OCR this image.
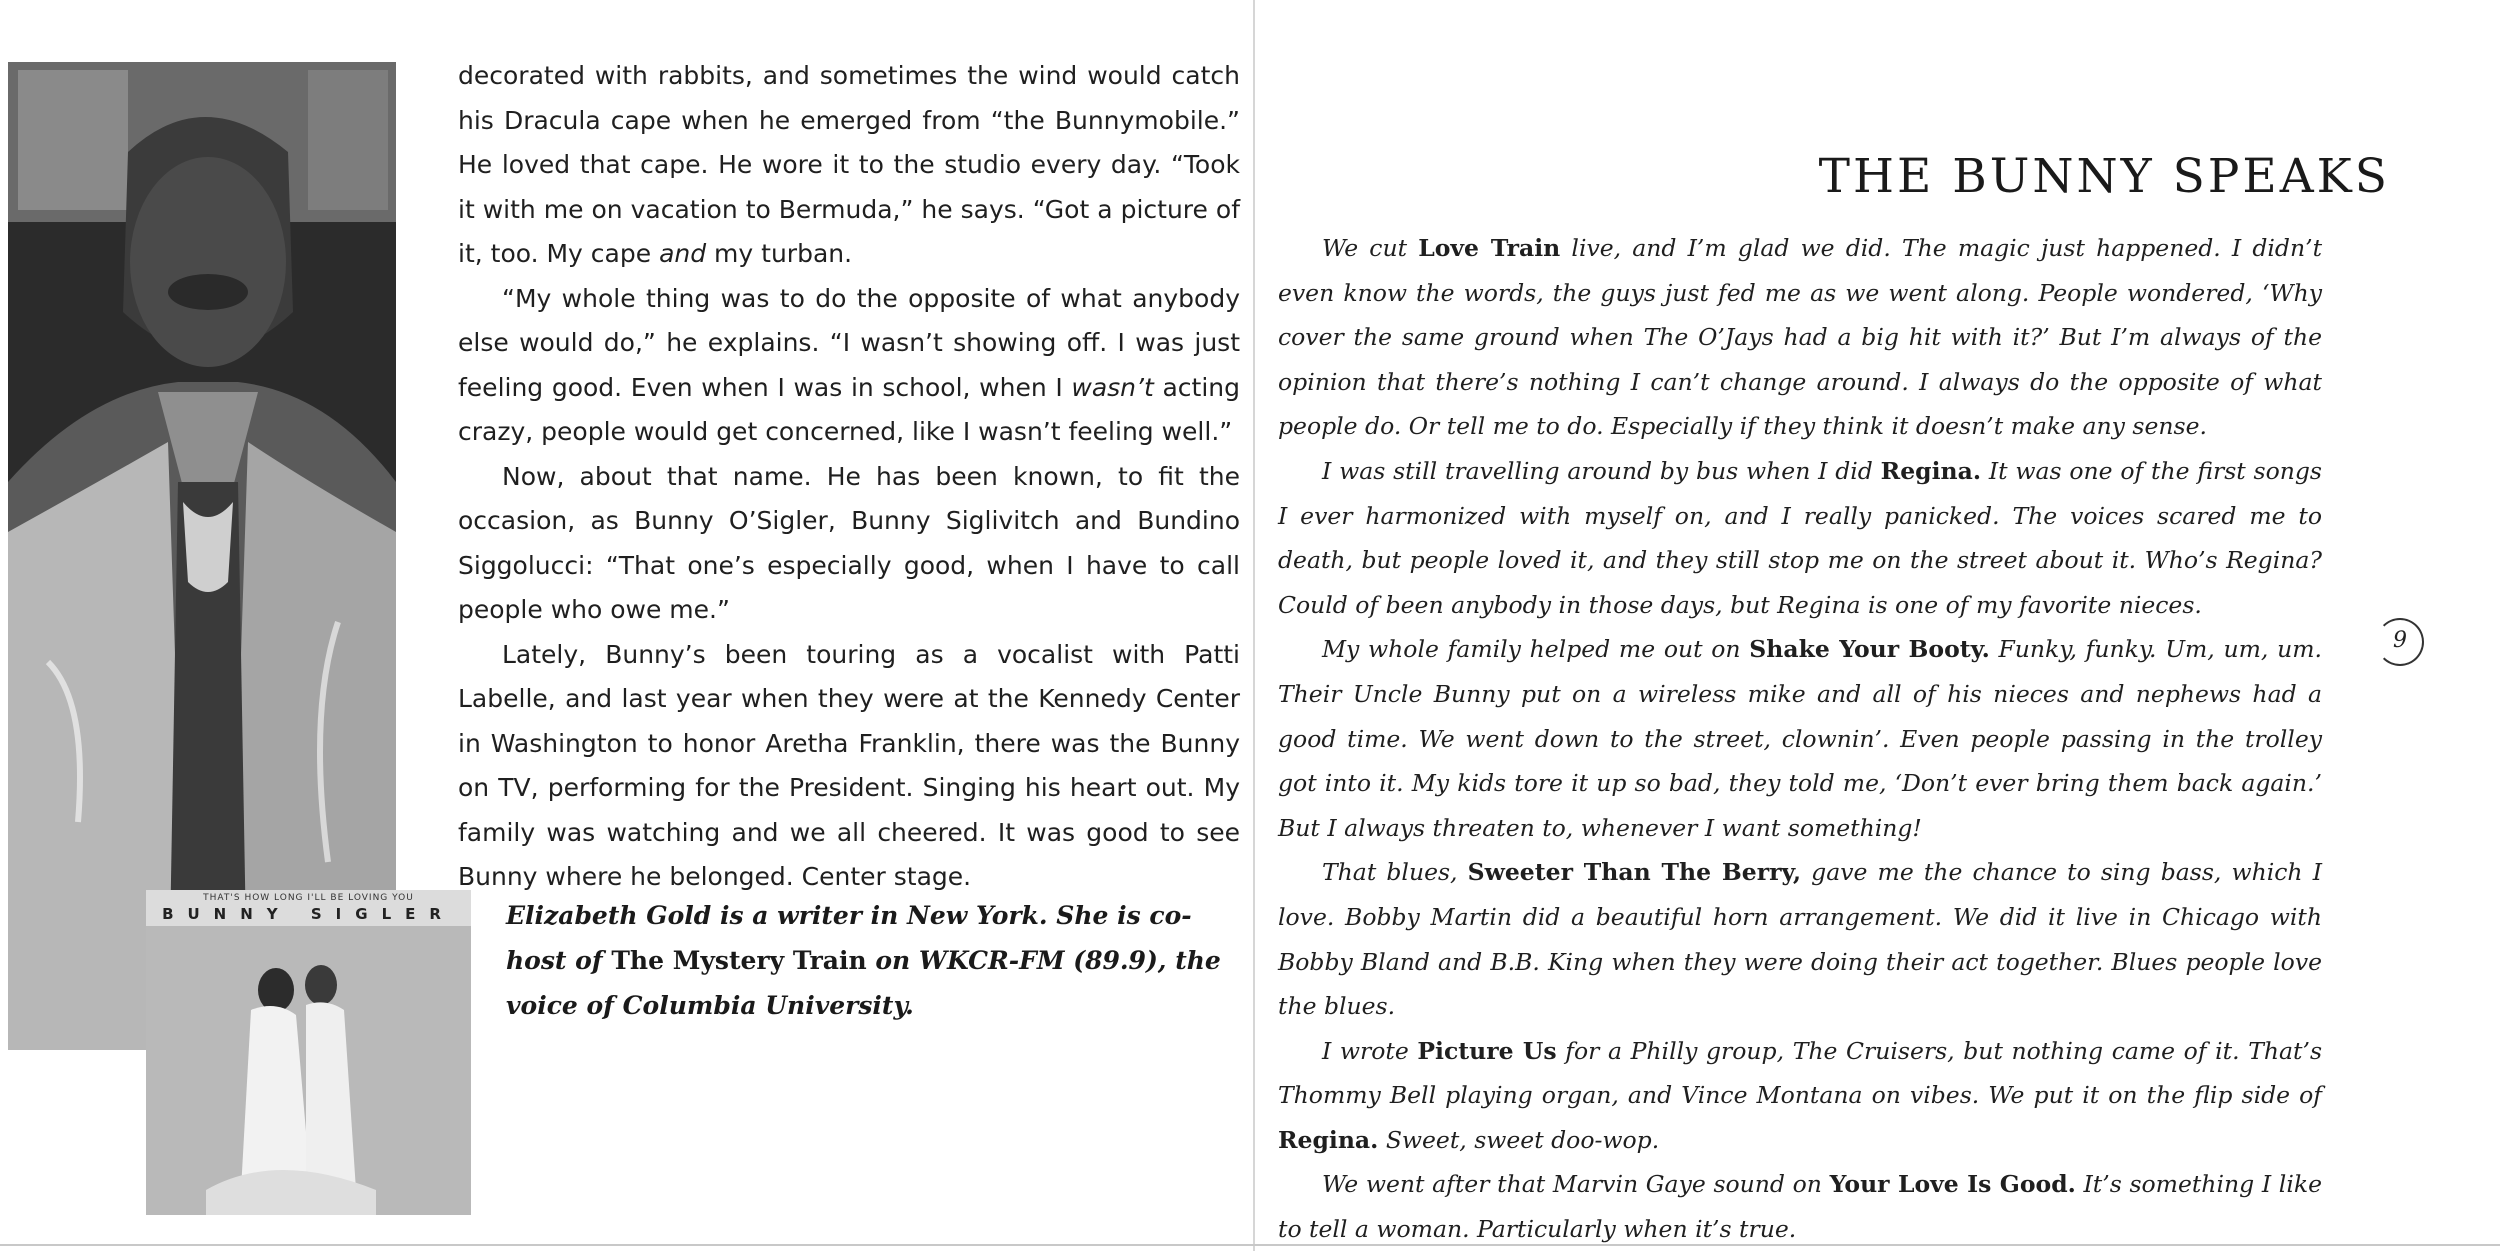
THAT'S HOW LONG I'LL BE LOVING YOU
BUNNY SIGLER

decorated with rabbits, and sometimes the wind would catch his Dracula cape when he emerged from “the Bunnymobile.” He loved that cape. He wore it to the studio every day. “Took it with me on vacation to Bermuda,” he says. “Got a picture of it, too. My cape and my turban.

“My whole thing was to do the opposite of what anybody else would do,” he explains. “I wasn’t showing off. I was just feeling good. Even when I was in school, when I wasn’t acting crazy, people would get concerned, like I wasn’t feeling well.”

Now, about that name. He has been known, to fit the occasion, as Bunny O’Sigler, Bunny Siglivitch and Bundino Siggolucci: “That one’s especially good, when I have to call people who owe me.”

Lately, Bunny’s been touring as a vocalist with Patti Labelle, and last year when they were at the Kennedy Center in Washington to honor Aretha Franklin, there was the Bunny on TV, performing for the President. Singing his heart out. My family was watching and we all cheered. It was good to see Bunny where he belonged. Center stage.

Elizabeth Gold is a writer in New York. She is co-host of The Mystery Train on WKCR-FM (89.9), the voice of Columbia University.
THE BUNNY SPEAKS

We cut Love Train live, and I’m glad we did. The magic just happened. I didn’t even know the words, the guys just fed me as we went along. People wondered, ‘Why cover the same ground when The O’Jays had a big hit with it?’ But I’m always of the opinion that there’s nothing I can’t change around. I always do the opposite of what people do. Or tell me to do. Especially if they think it doesn’t make any sense.

I was still travelling around by bus when I did Regina. It was one of the first songs I ever harmonized with myself on, and I really panicked. The voices scared me to death, but people loved it, and they still stop me on the street about it. Who’s Regina? Could of been anybody in those days, but Regina is one of my favorite nieces.

My whole family helped me out on Shake Your Booty. Funky, funky. Um, um, um. Their Uncle Bunny put on a wireless mike and all of his nieces and nephews had a good time. We went down to the street, clownin’. Even people passing in the trolley got into it. My kids tore it up so bad, they told me, ‘Don’t ever bring them back again.’ But I always threaten to, whenever I want something!

That blues, Sweeter Than The Berry, gave me the chance to sing bass, which I love. Bobby Martin did a beautiful horn arrangement. We did it live in Chicago with Bobby Bland and B.B. King when they were doing their act together. Blues people love the blues.

I wrote Picture Us for a Philly group, The Cruisers, but nothing came of it. That’s Thommy Bell playing organ, and Vince Montana on vibes. We put it on the flip side of Regina. Sweet, sweet doo-wop.

We went after that Marvin Gaye sound on Your Love Is Good. It’s something I like to tell a woman. Particularly when it’s true.

9
